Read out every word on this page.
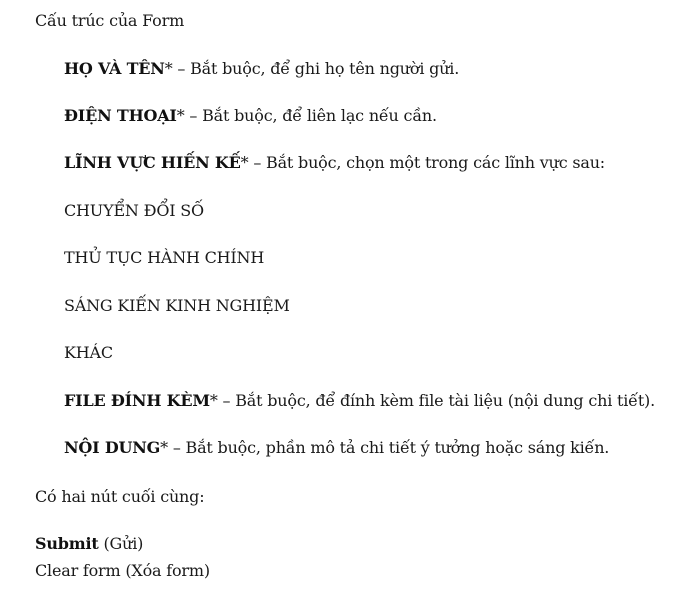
Cấu trúc của Form
HỌ VÀ TÊN* – Bắt buộc, để ghi họ tên người gửi.
ĐIỆN THOẠI* – Bắt buộc, để liên lạc nếu cần.
LĨNH VỰC HIẾN KẾ* – Bắt buộc, chọn một trong các lĩnh vực sau:
CHUYỂN ĐỔI SỐ
THỦ TỤC HÀNH CHÍNH
SÁNG KIẾN KINH NGHIỆM
KHÁC
FILE ĐÍNH KÈM* – Bắt buộc, để đính kèm file tài liệu (nội dung chi tiết).
NỘI DUNG* – Bắt buộc, phần mô tả chi tiết ý tưởng hoặc sáng kiến.
Có hai nút cuối cùng:
Submit (Gửi)
Clear form (Xóa form)
